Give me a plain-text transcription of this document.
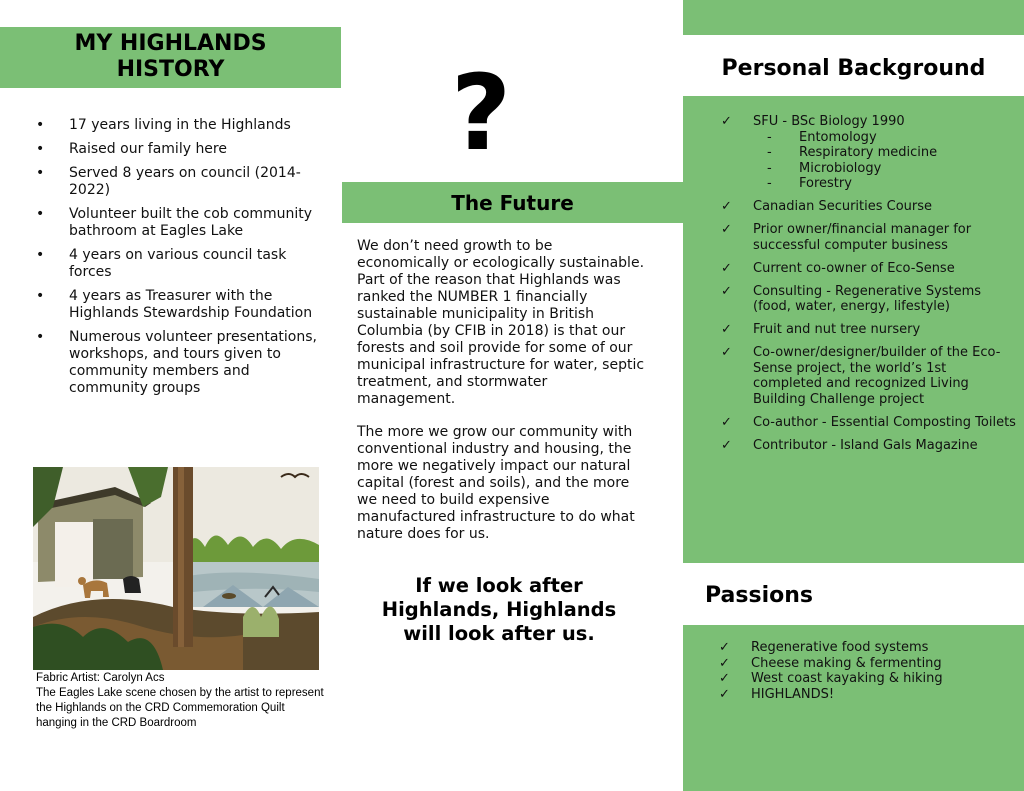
MY HIGHLANDS
HISTORY
• 17 years living in the Highlands
• Raised our family here
• Served 8 years on council (2014-2022)
• Volunteer built the cob community bathroom at Eagles Lake
• 4 years on various council task forces
• 4 years as Treasurer with the Highlands Stewardship Foundation
• Numerous volunteer presentations, workshops, and tours given to community members and community groups
Fabric Artist: Carolyn Acs
The Eagles Lake scene chosen by the artist to represent the Highlands on the CRD Commemoration Quilt hanging in the CRD Boardroom
?
The Future
We don’t need growth to be economically or ecologically sustainable. Part of the reason that Highlands was ranked the NUMBER 1 financially sustainable municipality in British Columbia (by CFIB in 2018) is that our forests and soil provide for some of our municipal infrastructure for water, septic treatment, and stormwater management.
The more we grow our community with conventional industry and housing, the more we negatively impact our natural capital (forest and soils), and the more we need to build expensive manufactured infrastructure to do what nature does for us.
If we look after
Highlands, Highlands
will look after us.
Personal Background
✓ SFU - BSc Biology 1990
- Entomology
- Respiratory medicine
- Microbiology
- Forestry
✓ Canadian Securities Course
✓ Prior owner/financial manager for successful computer business
✓ Current co-owner of Eco-Sense
✓ Consulting - Regenerative Systems (food, water, energy, lifestyle)
✓ Fruit and nut tree nursery
✓ Co-owner/designer/builder of the Eco-Sense project, the world’s 1st completed and recognized Living Building Challenge project
✓ Co-author - Essential Composting Toilets
✓ Contributor - Island Gals Magazine
Passions
✓ Regenerative food systems
✓ Cheese making & fermenting
✓ West coast kayaking & hiking
✓ HIGHLANDS!
